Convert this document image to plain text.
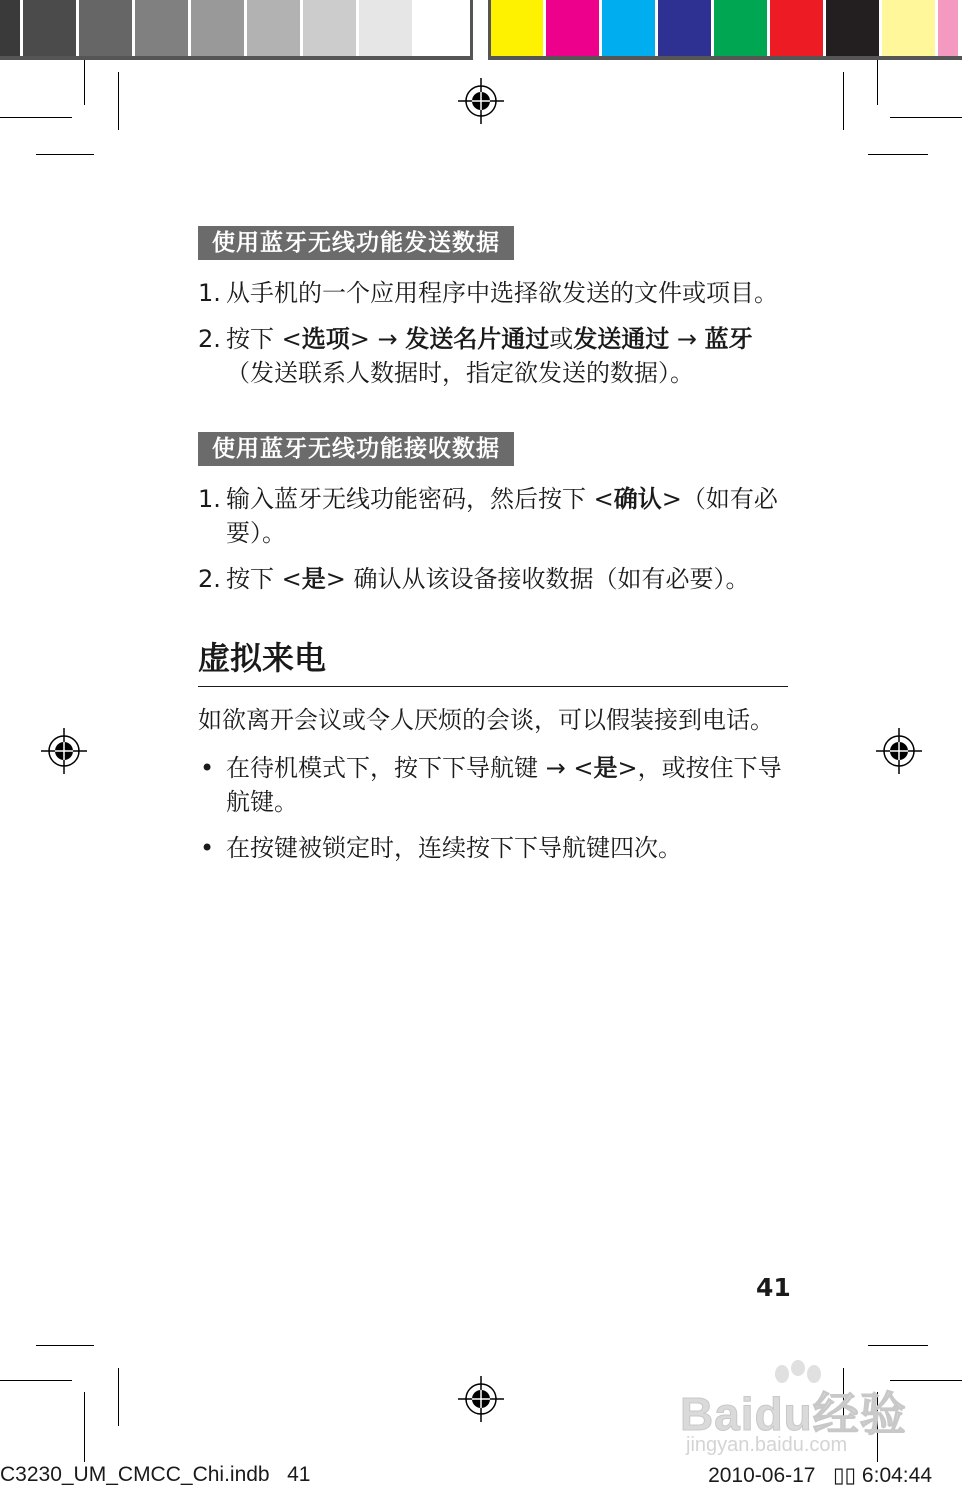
使用蓝牙无线功能发送数据
1. 从手机的一个应用程序中选择欲发送的文件或项目。
2. 按下 <选项> → 发送名片通过或发送通过 → 蓝牙（发送联系人数据时，指定欲发送的数据）。
使用蓝牙无线功能接收数据
1. 输入蓝牙无线功能密码，然后按下 <确认>（如有必要）。
2. 按下 <是> 确认从该设备接收数据（如有必要）。
虚拟来电

如欲离开会议或令人厌烦的会谈，可以假装接到电话。

• 在待机模式下，按下下导航键 → <是>，或按住下导航键。
• 在按键被锁定时，连续按下下导航键四次。
41
Baidu经验
jingyan.baidu.com
C3230_UM_CMCC_Chi.indb   41	2010-06-17   ▯▯ 6:04:44
